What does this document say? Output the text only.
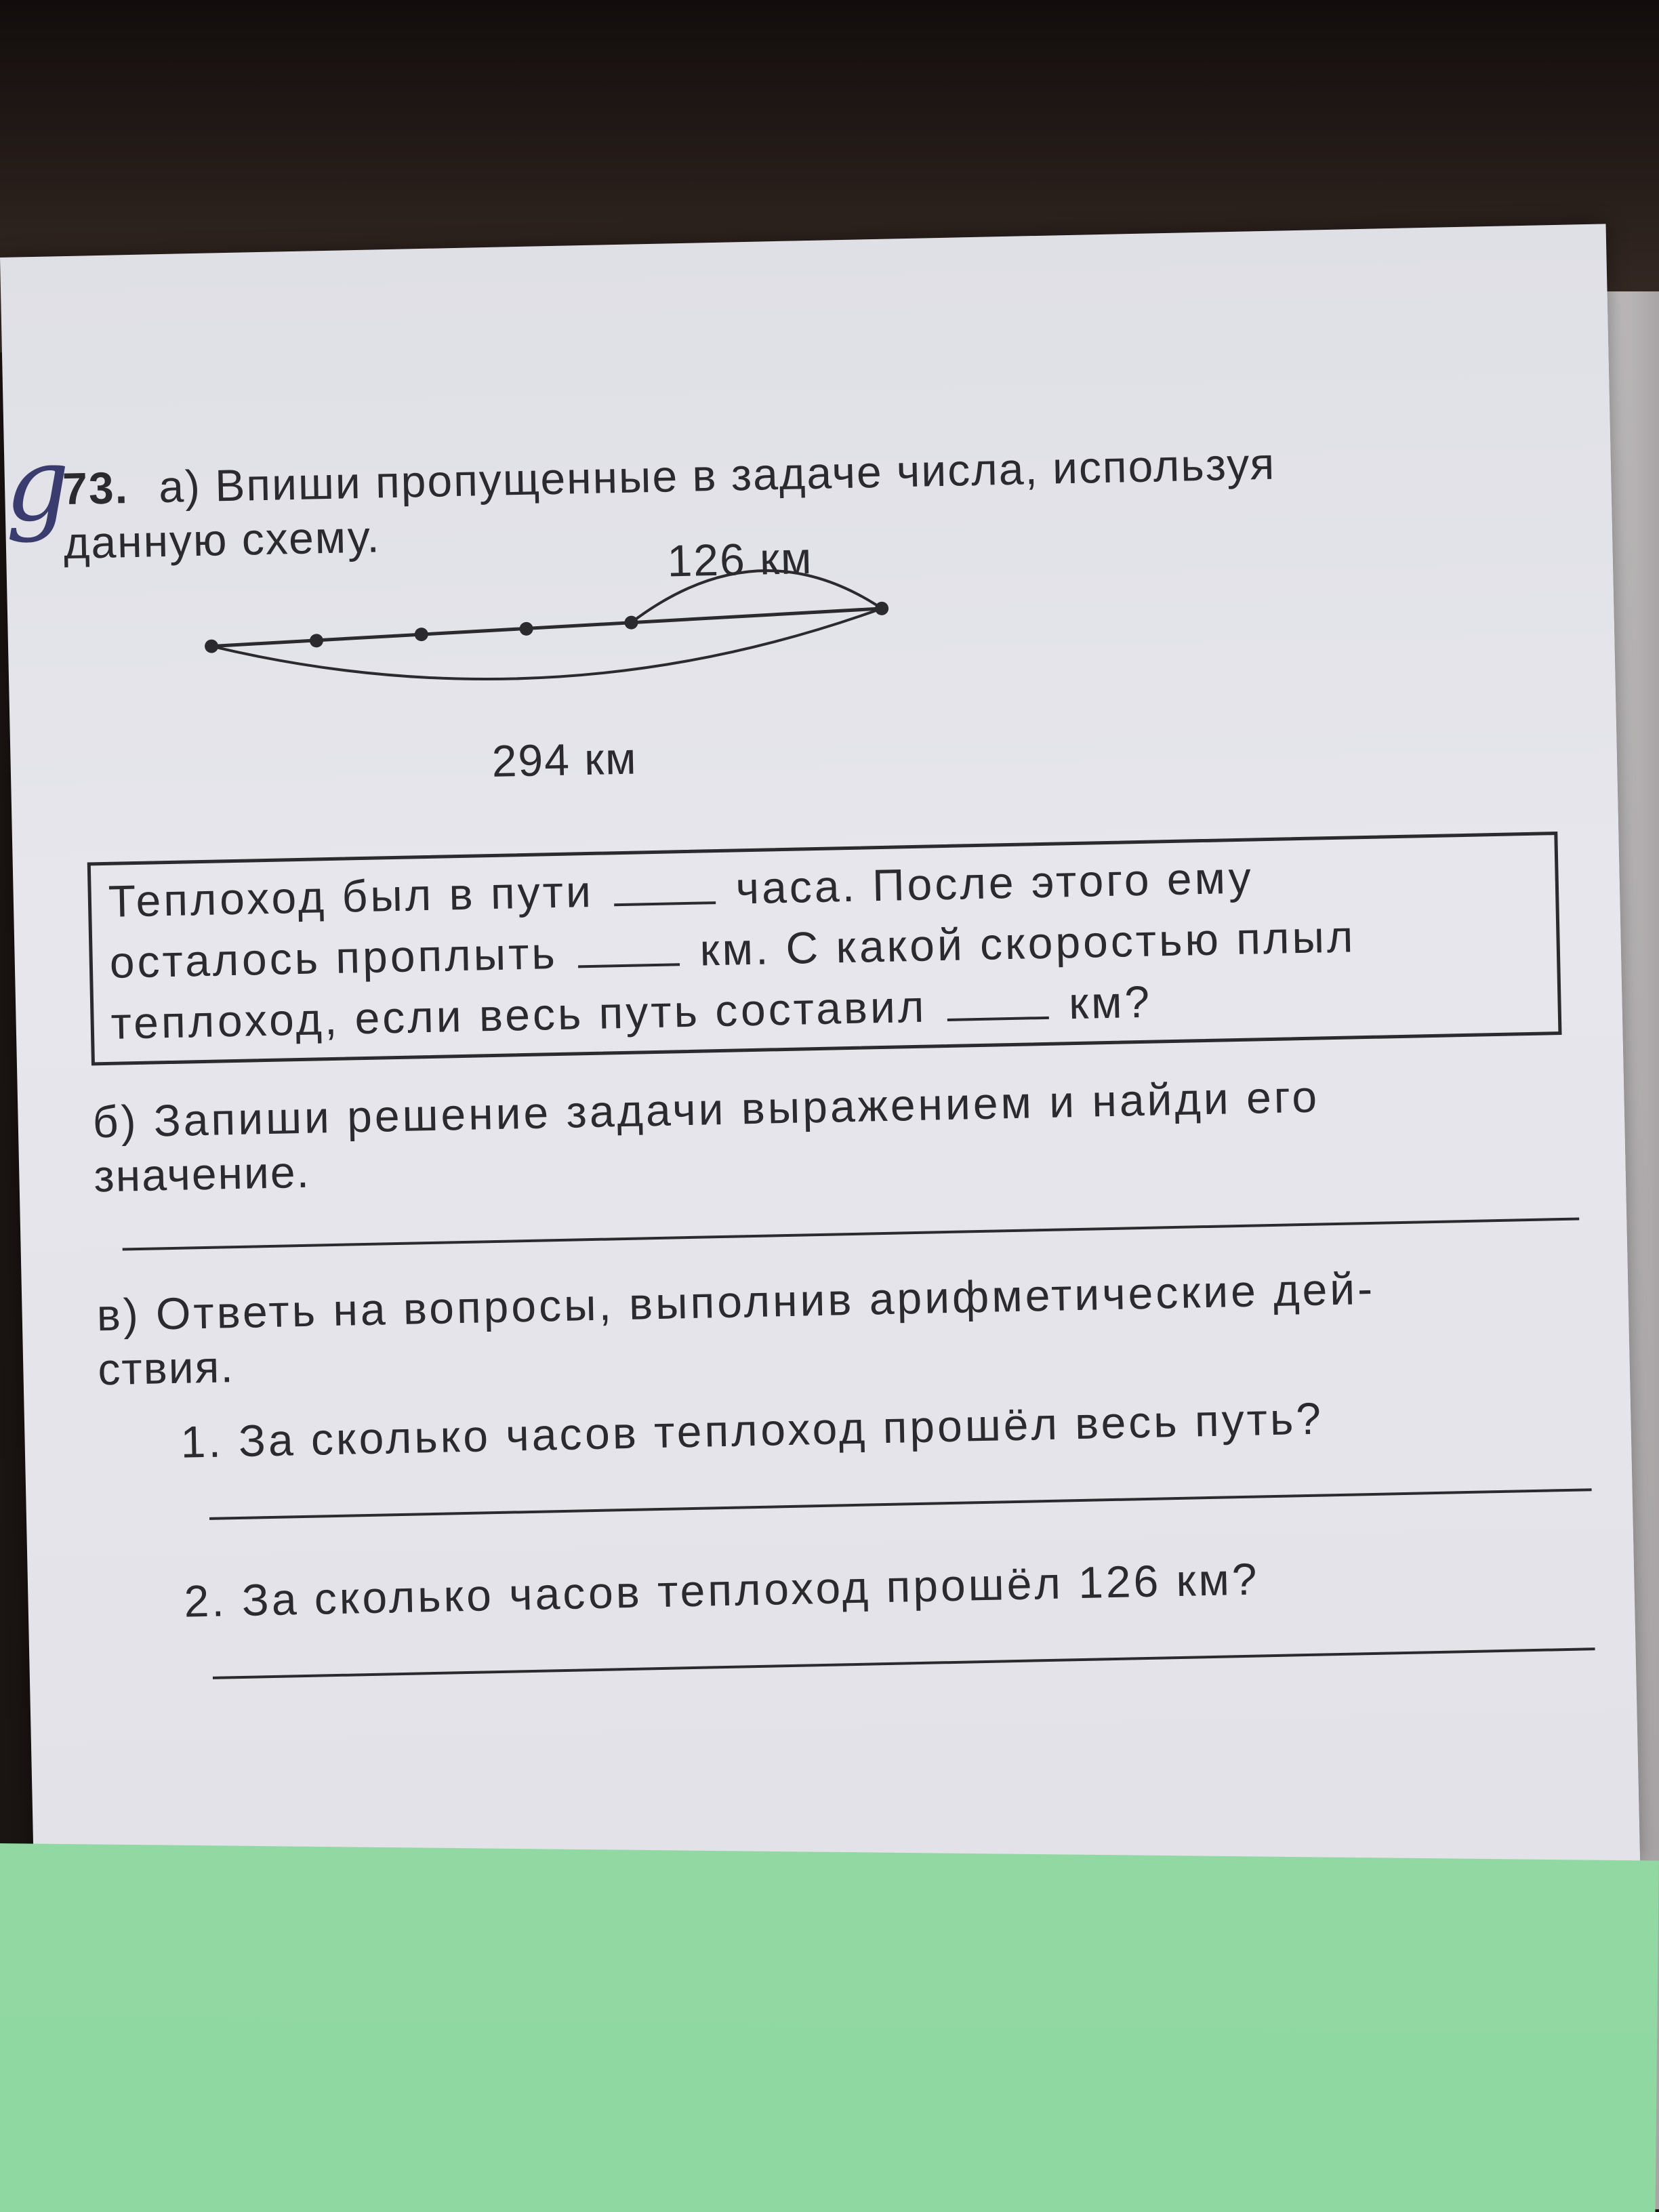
g
73. а) Впиши пропущенные в задаче числа, используя
данную схему.	126 км
294 км
Теплоход был в пути	часа. После этого ему
осталось проплыть	км. С какой скоростью плыл
теплоход, если весь путь составил	км?
б) Запиши решение задачи выражением и найди его
значение.
в) Ответь на вопросы, выполнив арифметические дей-
ствия.
1. За сколько часов теплоход прошёл весь путь?
2. За сколько часов теплоход прошёл 126 км?
